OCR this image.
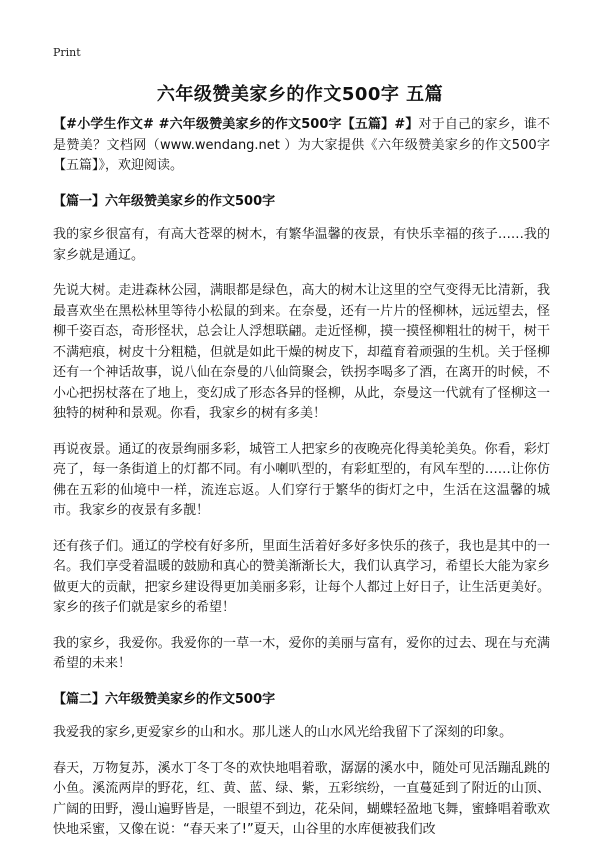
Print
六年级赞美家乡的作文500字 五篇

【#小学生作文# #六年级赞美家乡的作文500字【五篇】#】对于自己的家乡，谁不是赞美？文档网（www.wendang.net ）为大家提供《六年级赞美家乡的作文500字【五篇】》，欢迎阅读。

【篇一】六年级赞美家乡的作文500字

我的家乡很富有，有高大苍翠的树木，有繁华温馨的夜景，有快乐幸福的孩子……我的家乡就是通辽。

先说大树。走进森林公园，满眼都是绿色，高大的树木让这里的空气变得无比清新，我最喜欢坐在黑松林里等待小松鼠的到来。在奈曼，还有一片片的怪柳林，远远望去，怪柳千姿百态，奇形怪状，总会让人浮想联翩。走近怪柳，摸一摸怪柳粗壮的树干，树干不满疤痕，树皮十分粗糙，但就是如此干燥的树皮下，却蕴育着顽强的生机。关于怪柳还有一个神话故事，说八仙在奈曼的八仙筒聚会，铁拐李喝多了酒，在离开的时候，不小心把拐杖落在了地上，变幻成了形态各异的怪柳，从此，奈曼这一代就有了怪柳这一独特的树种和景观。你看，我家乡的树有多美！

再说夜景。通辽的夜景绚丽多彩，城管工人把家乡的夜晚亮化得美轮美奂。你看，彩灯亮了，每一条街道上的灯都不同。有小喇叭型的，有彩虹型的，有风车型的……让你仿佛在五彩的仙境中一样，流连忘返。人们穿行于繁华的街灯之中，生活在这温馨的城市。我家乡的夜景有多靓！

还有孩子们。通辽的学校有好多所，里面生活着好多好多快乐的孩子，我也是其中的一名。我们享受着温暖的鼓励和真心的赞美渐渐长大，我们认真学习，希望长大能为家乡做更大的贡献，把家乡建设得更加美丽多彩，让每个人都过上好日子，让生活更美好。家乡的孩子们就是家乡的希望！

我的家乡，我爱你。我爱你的一草一木，爱你的美丽与富有，爱你的过去、现在与充满希望的未来！

【篇二】六年级赞美家乡的作文500字

我爱我的家乡,更爱家乡的山和水。那儿迷人的山水风光给我留下了深刻的印象。

春天，万物复苏，溪水丁冬丁冬的欢快地唱着歌，潺潺的溪水中，随处可见活蹦乱跳的小鱼。溪流两岸的野花，红、黄、蓝、绿、紫，五彩缤纷，一直蔓延到了附近的山顶、广阔的田野，漫山遍野皆是，一眼望不到边，花朵间，蝴蝶轻盈地飞舞，蜜蜂唱着歌欢快地采蜜，又像在说：“春天来了!”夏天，山谷里的水库便被我们改
